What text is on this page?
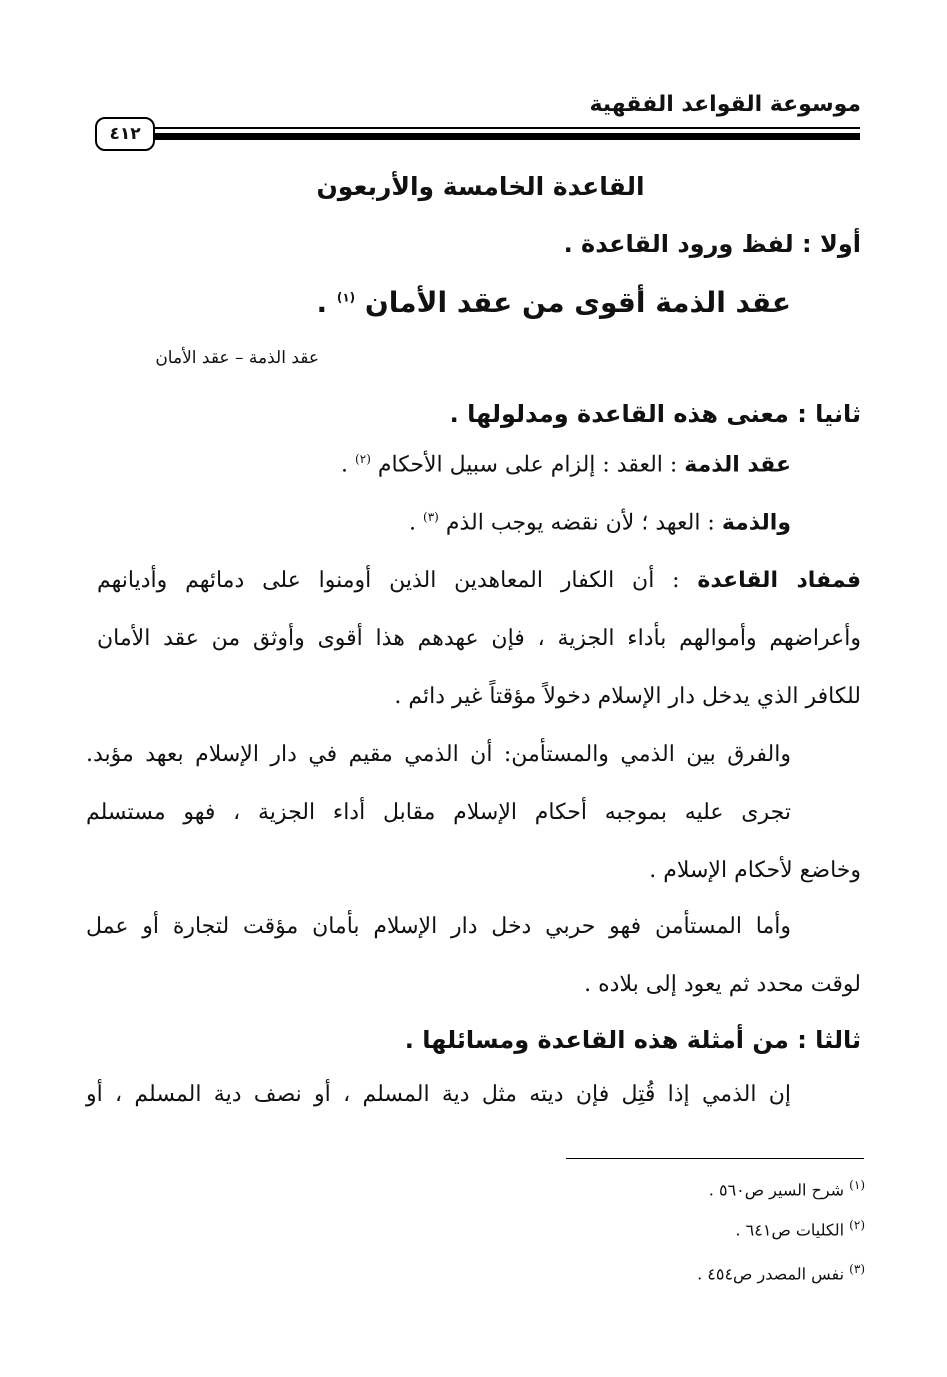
موسوعة القواعد الفقهية
٤١٢
القاعدة الخامسة والأربعون
أولا : لفظ ورود القاعدة .
عقد الذمة أقوى من عقد الأمان $^{(١)}$ .
عقد الذمة – عقد الأمان
ثانيا : معنى هذه القاعدة ومدلولها .
عقد الذمة : العقد : إلزام على سبيل الأحكام $^{(٢)}$ .
والذمة : العهد ؛ لأن نقضه يوجب الذم $^{(٣)}$ .
فمفاد القاعدة : أن الكفار المعاهدين الذين أومنوا على دمائهم وأديانهم
وأعراضهم وأموالهم بأداء الجزية ، فإن عهدهم هذا أقوى وأوثق من عقد الأمان
للكافر الذي يدخل دار الإسلام دخولاً مؤقتاً غير دائم .
والفرق بين الذمي والمستأمن: أن الذمي مقيم في دار الإسلام بعهد مؤبد.
تجرى عليه بموجبه أحكام الإسلام مقابل أداء الجزية ، فهو مستسلم
وخاضع لأحكام الإسلام .
وأما المستأمن فهو حربي دخل دار الإسلام بأمان مؤقت لتجارة أو عمل
لوقت محدد ثم يعود إلى بلاده .
ثالثا : من أمثلة هذه القاعدة ومسائلها .
إن الذمي إذا قُتِل فإن ديته مثل دية المسلم ، أو نصف دية المسلم ، أو
$^{(١)}$ شرح السير ص٥٦٠ .
$^{(٢)}$ الكليات ص٦٤١ .
$^{(٣)}$ نفس المصدر ص٤٥٤ .
